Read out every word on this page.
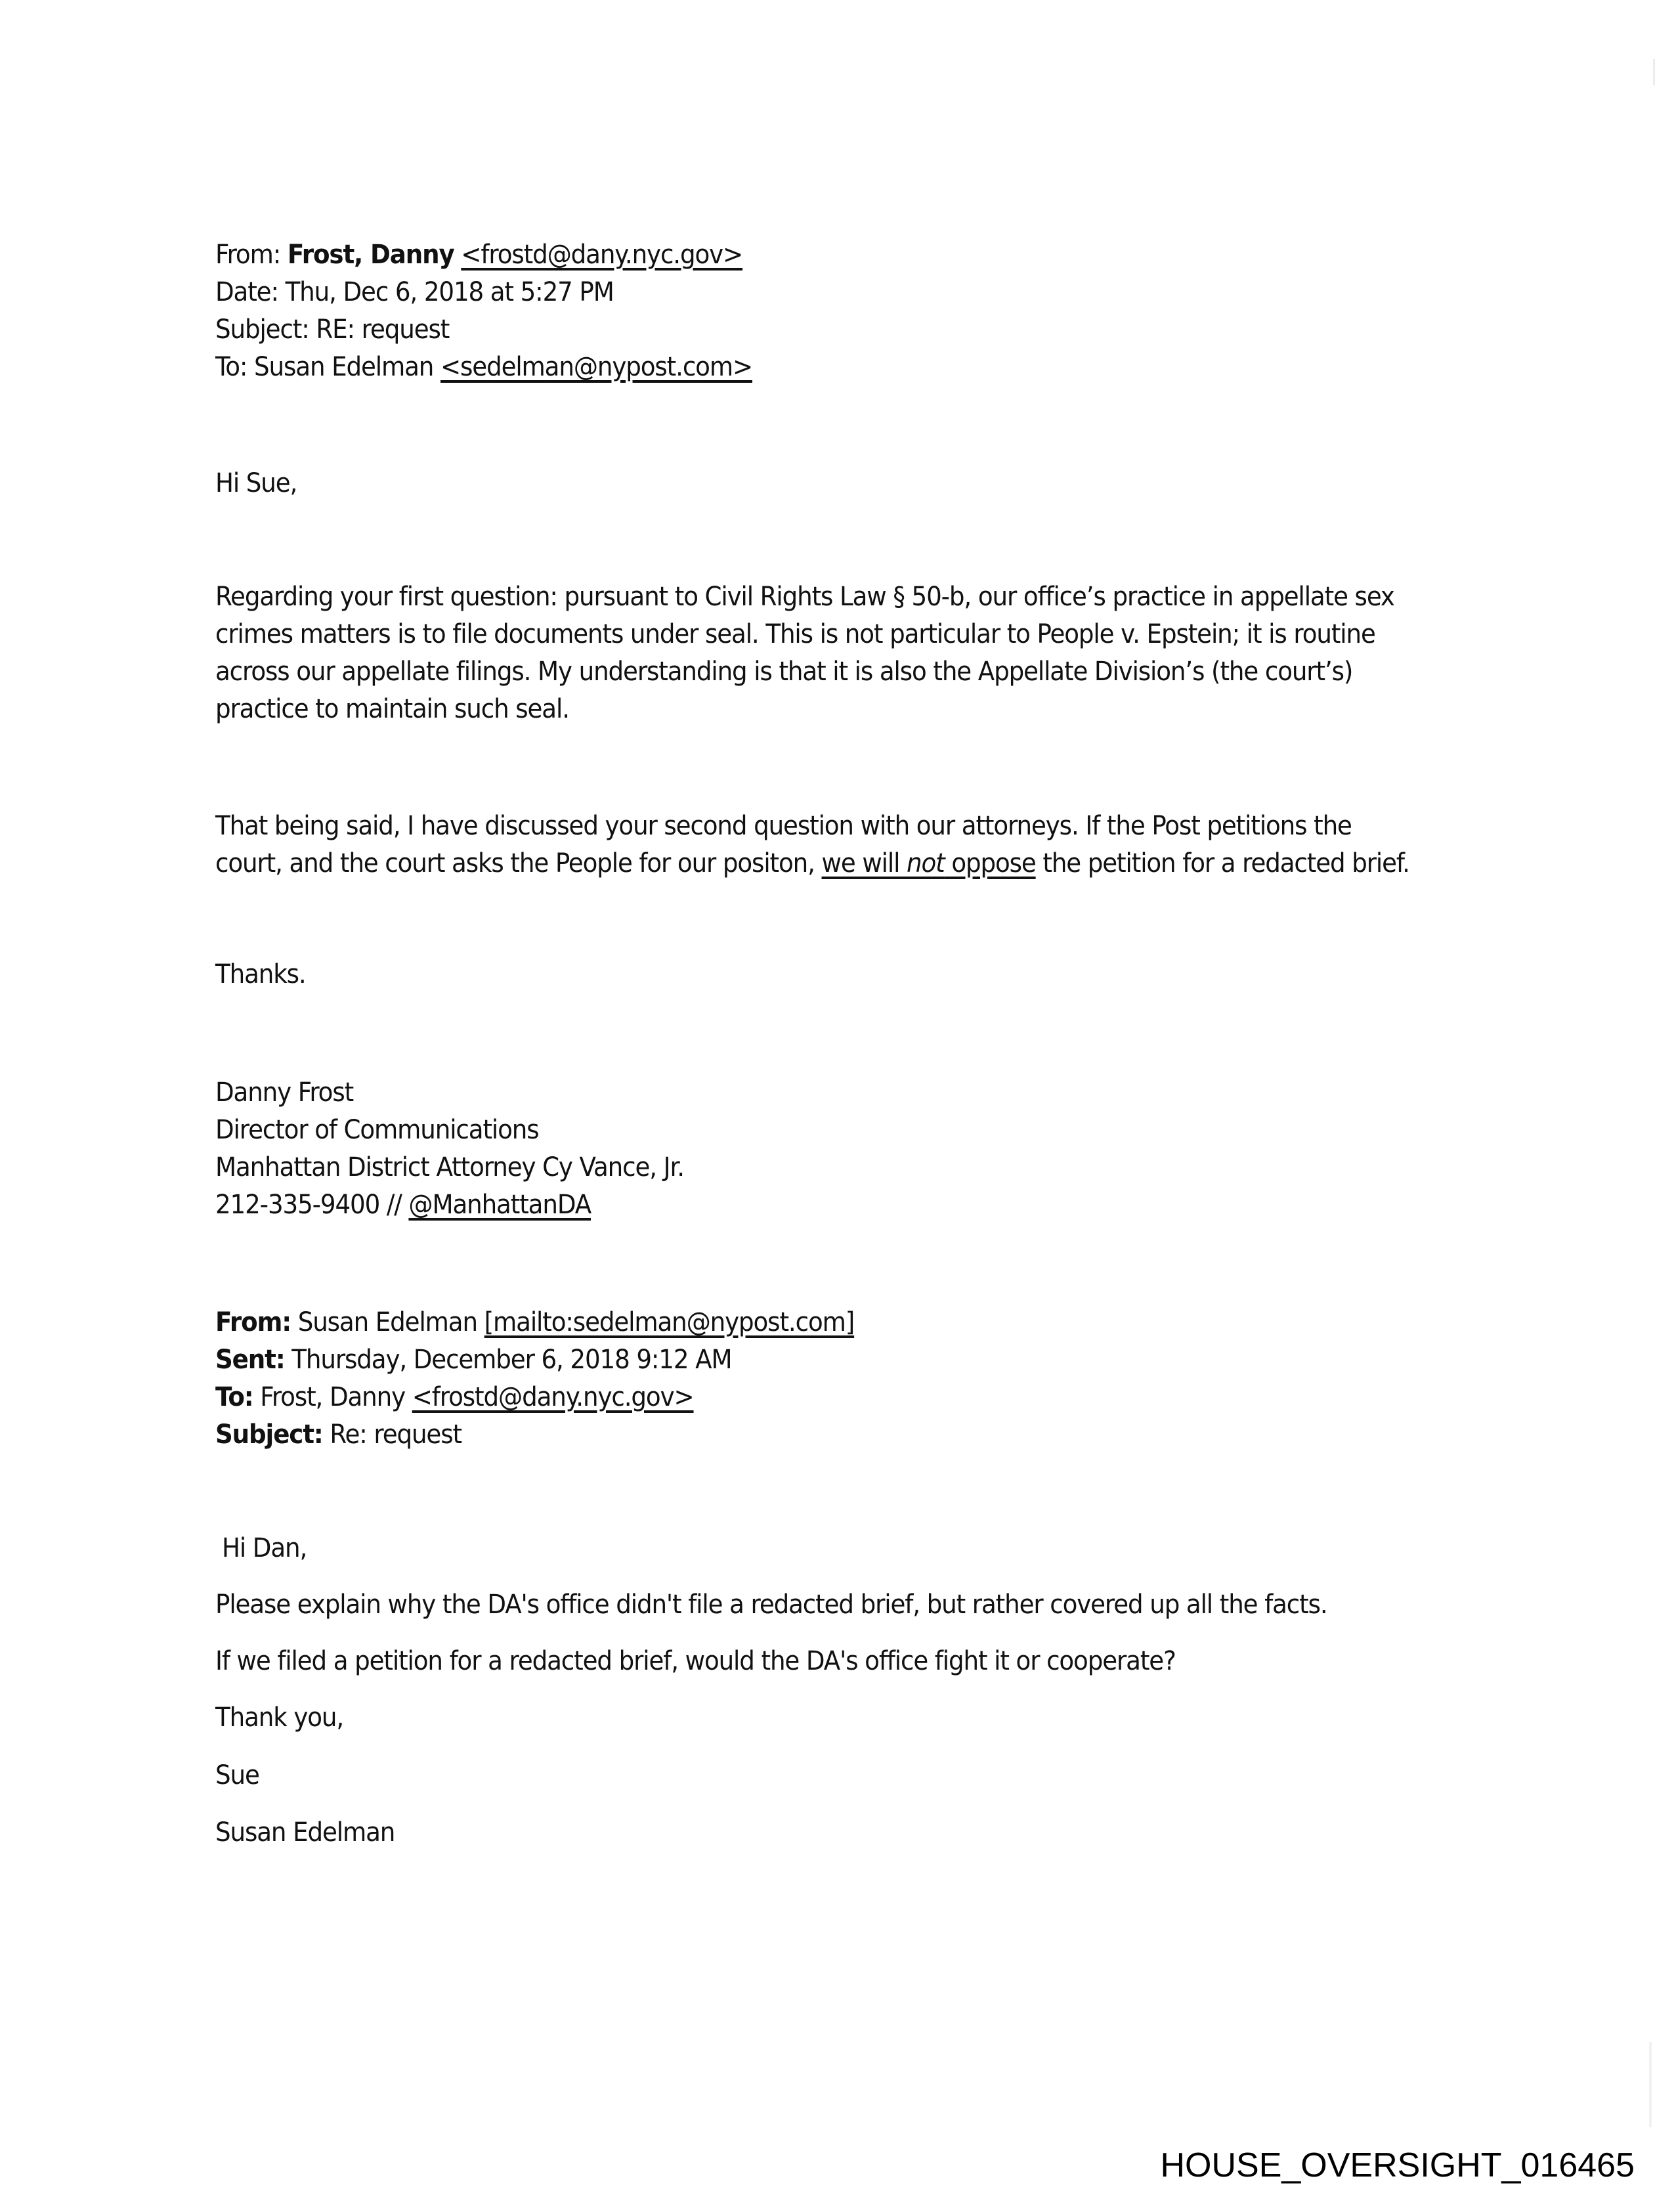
From: Frost, Danny <frostd@dany.nyc.gov>
Date: Thu, Dec 6, 2018 at 5:27 PM
Subject: RE: request
To: Susan Edelman <sedelman@nypost.com>
Hi Sue,
Regarding your first question: pursuant to Civil Rights Law § 50-b, our office’s practice in appellate sex
crimes matters is to file documents under seal. This is not particular to People v. Epstein; it is routine
across our appellate filings. My understanding is that it is also the Appellate Division’s (the court’s)
practice to maintain such seal.
That being said, I have discussed your second question with our attorneys. If the Post petitions the
court, and the court asks the People for our positon, we will not oppose the petition for a redacted brief.
Thanks.
Danny Frost
Director of Communications
Manhattan District Attorney Cy Vance, Jr.
212-335-9400 // @ManhattanDA
From: Susan Edelman [mailto:sedelman@nypost.com]
Sent: Thursday, December 6, 2018 9:12 AM
To: Frost, Danny <frostd@dany.nyc.gov>
Subject: Re: request
Hi Dan,
Please explain why the DA's office didn't file a redacted brief, but rather covered up all the facts.
If we filed a petition for a redacted brief, would the DA's office fight it or cooperate?
Thank you,
Sue
Susan Edelman
HOUSE_OVERSIGHT_016465
